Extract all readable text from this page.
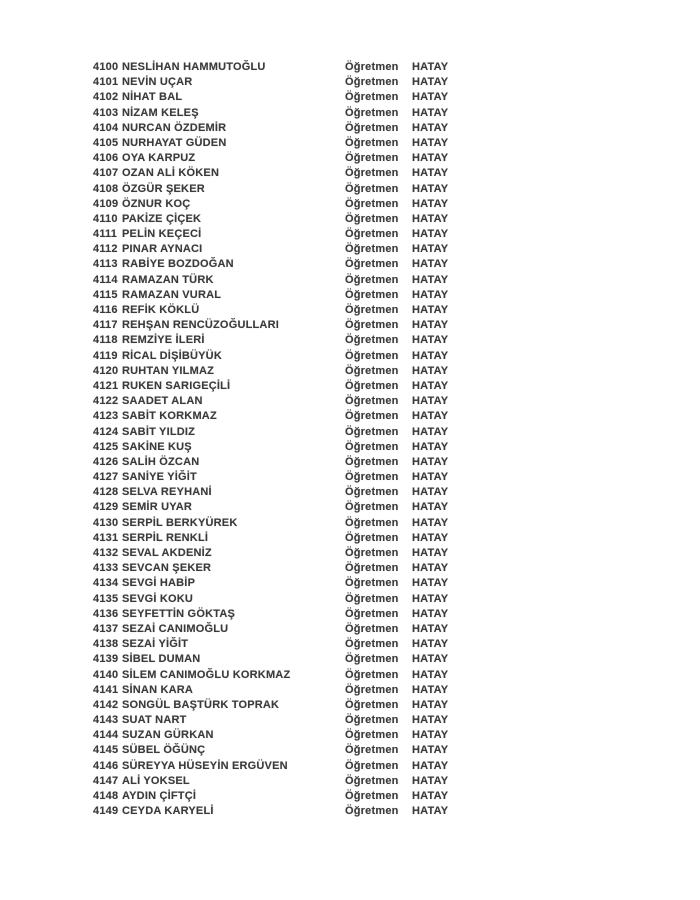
4100 NESLİHAN HAMMUTOĞLU	Öğretmen	HATAY
4101 NEVİN UÇAR	Öğretmen	HATAY
4102 NİHAT BAL	Öğretmen	HATAY
4103 NİZAM KELEŞ	Öğretmen	HATAY
4104 NURCAN ÖZDEMİR	Öğretmen	HATAY
4105 NURHAYAT GÜDEN	Öğretmen	HATAY
4106 OYA KARPUZ	Öğretmen	HATAY
4107 OZAN ALİ KÖKEN	Öğretmen	HATAY
4108 ÖZGÜR ŞEKER	Öğretmen	HATAY
4109 ÖZNUR KOÇ	Öğretmen	HATAY
4110 PAKİZE ÇİÇEK	Öğretmen	HATAY
4111 PELİN KEÇECİ	Öğretmen	HATAY
4112 PINAR AYNACI	Öğretmen	HATAY
4113 RABİYE BOZDOĞAN	Öğretmen	HATAY
4114 RAMAZAN TÜRK	Öğretmen	HATAY
4115 RAMAZAN VURAL	Öğretmen	HATAY
4116 REFİK KÖKLÜ	Öğretmen	HATAY
4117 REHŞAN RENCÜZOĞULLARI	Öğretmen	HATAY
4118 REMZİYE İLERİ	Öğretmen	HATAY
4119 RİCAL DİŞİBÜYÜK	Öğretmen	HATAY
4120 RUHTAN YILMAZ	Öğretmen	HATAY
4121 RUKEN SARIGEÇİLİ	Öğretmen	HATAY
4122 SAADET ALAN	Öğretmen	HATAY
4123 SABİT KORKMAZ	Öğretmen	HATAY
4124 SABİT YILDIZ	Öğretmen	HATAY
4125 SAKİNE KUŞ	Öğretmen	HATAY
4126 SALİH ÖZCAN	Öğretmen	HATAY
4127 SANİYE YİĞİT	Öğretmen	HATAY
4128 SELVA REYHANİ	Öğretmen	HATAY
4129 SEMİR UYAR	Öğretmen	HATAY
4130 SERPİL BERKYÜREK	Öğretmen	HATAY
4131 SERPİL RENKLİ	Öğretmen	HATAY
4132 SEVAL AKDENİZ	Öğretmen	HATAY
4133 SEVCAN ŞEKER	Öğretmen	HATAY
4134 SEVGİ HABİP	Öğretmen	HATAY
4135 SEVGİ KOKU	Öğretmen	HATAY
4136 SEYFETTİN GÖKTAŞ	Öğretmen	HATAY
4137 SEZAİ CANIMOĞLU	Öğretmen	HATAY
4138 SEZAİ YİĞİT	Öğretmen	HATAY
4139 SİBEL DUMAN	Öğretmen	HATAY
4140 SİLEM CANIMOĞLU KORKMAZ	Öğretmen	HATAY
4141 SİNAN KARA	Öğretmen	HATAY
4142 SONGÜL BAŞTÜRK TOPRAK	Öğretmen	HATAY
4143 SUAT NART	Öğretmen	HATAY
4144 SUZAN GÜRKAN	Öğretmen	HATAY
4145 SÜBEL ÖĞÜNÇ	Öğretmen	HATAY
4146 SÜREYYA HÜSEYİN ERGÜVEN	Öğretmen	HATAY
4147 ALİ YOKSEL	Öğretmen	HATAY
4148 AYDIN ÇİFTÇİ	Öğretmen	HATAY
4149 CEYDA KARYELİ	Öğretmen	HATAY
